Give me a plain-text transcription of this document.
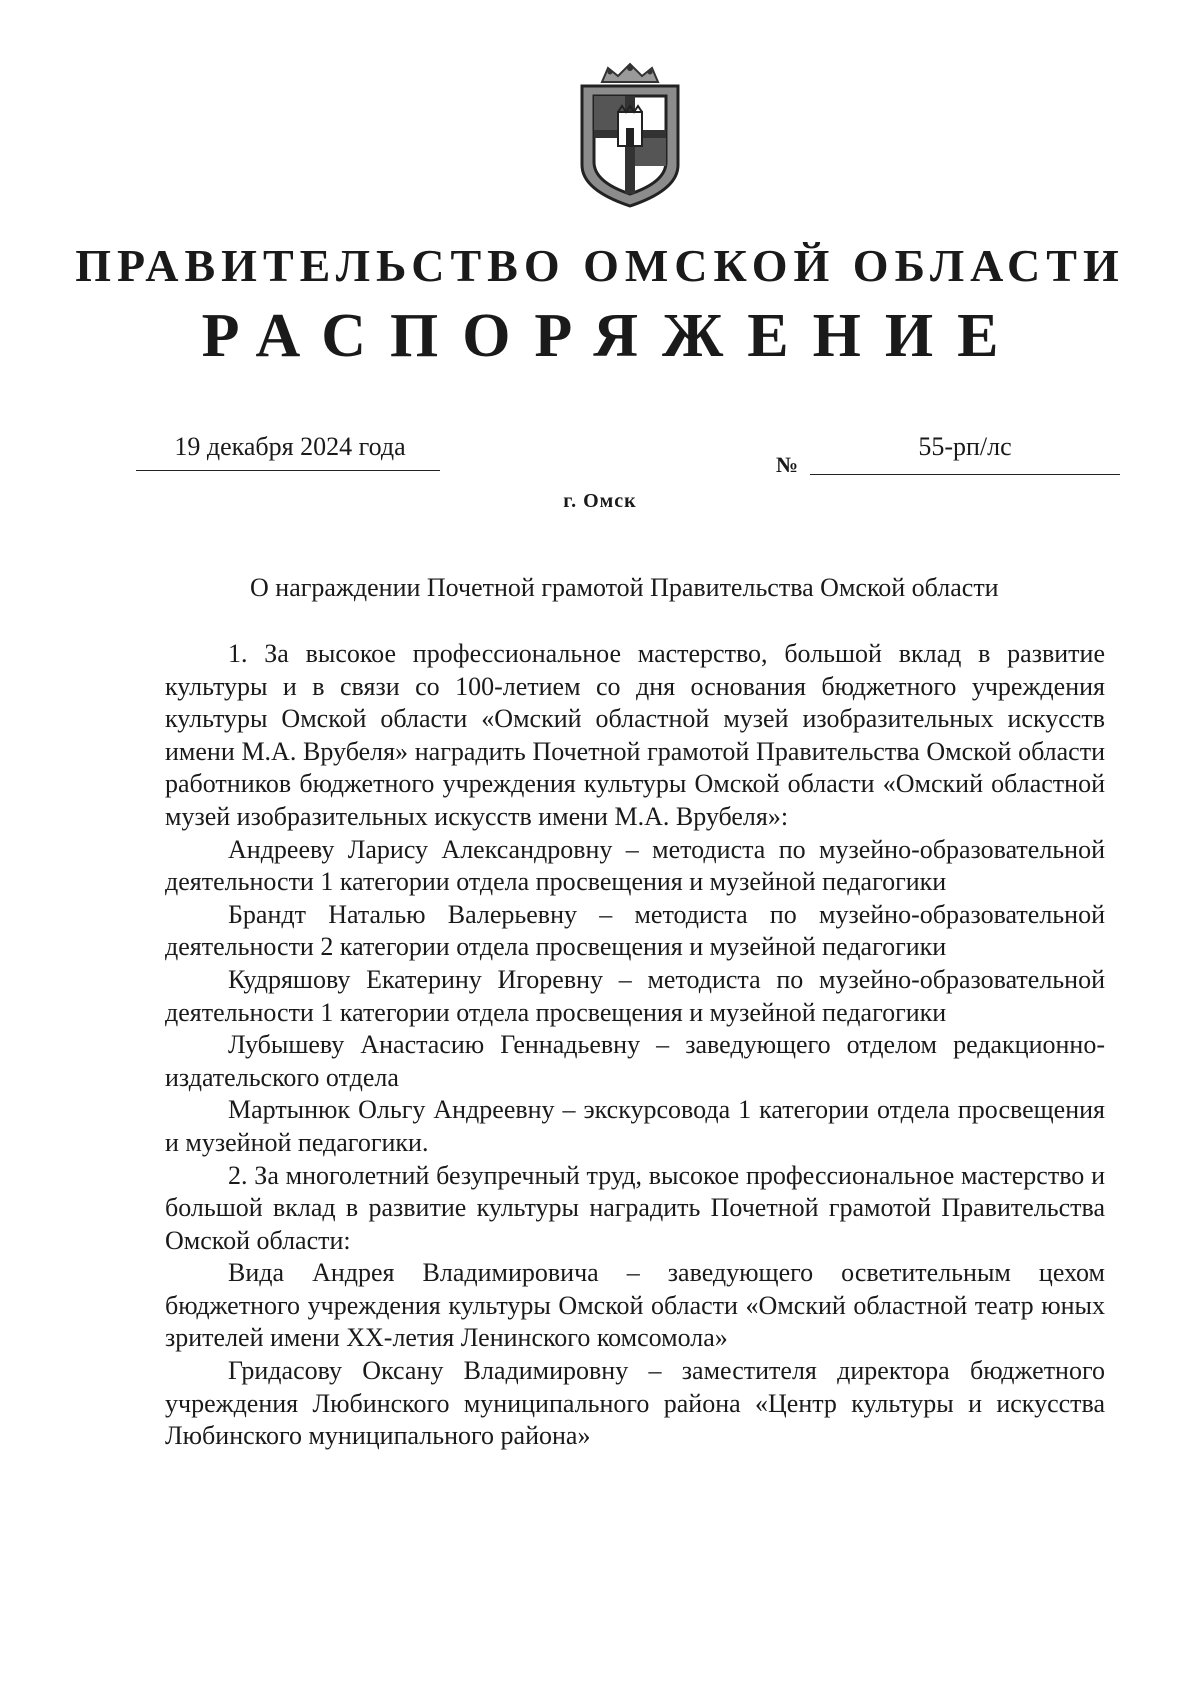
ПРАВИТЕЛЬСТВО ОМСКОЙ ОБЛАСТИ
РАСПОРЯЖЕНИЕ
19 декабря 2024 года
№
55-рп/лс
г. Омск
О награждении Почетной грамотой Правительства Омской области

1. За высокое профессиональное мастерство, большой вклад в развитие культуры и в связи со 100-летием со дня основания бюджетного учреждения культуры Омской области «Омский областной музей изобразительных искусств имени М.А. Врубеля» наградить Почетной грамотой Правительства Омской области работников бюджетного учреждения культуры Омской области «Омский областной музей изобразительных искусств имени М.А. Врубеля»:

Андрееву Ларису Александровну – методиста по музейно-образовательной деятельности 1 категории отдела просвещения и музейной педагогики

Брандт Наталью Валерьевну – методиста по музейно-образовательной деятельности 2 категории отдела просвещения и музейной педагогики

Кудряшову Екатерину Игоревну – методиста по музейно-образовательной деятельности 1 категории отдела просвещения и музейной педагогики

Лубышеву Анастасию Геннадьевну – заведующего отделом редакционно-издательского отдела

Мартынюк Ольгу Андреевну – экскурсовода 1 категории отдела просвещения и музейной педагогики.

2. За многолетний безупречный труд, высокое профессиональное мастерство и большой вклад в развитие культуры наградить Почетной грамотой Правительства Омской области:

Вида Андрея Владимировича – заведующего осветительным цехом бюджетного учреждения культуры Омской области «Омский областной театр юных зрителей имени XX-летия Ленинского комсомола»

Гридасову Оксану Владимировну – заместителя директора бюджетного учреждения Любинского муниципального района «Центр культуры и искусства Любинского муниципального района»
